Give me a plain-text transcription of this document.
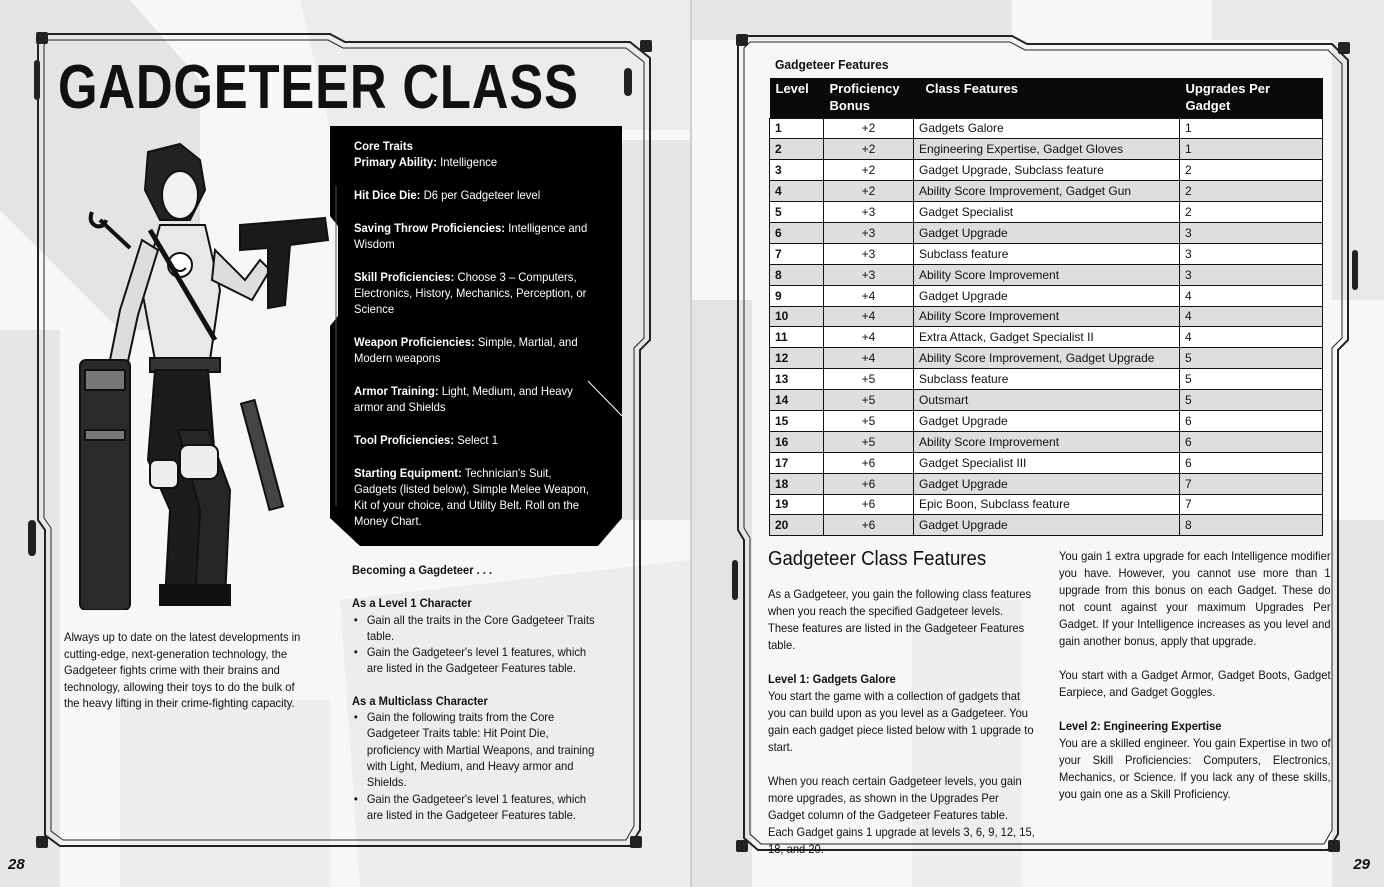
GADGETEER CLASS
Core Traits
Primary Ability: Intelligence
Hit Dice Die: D6 per Gadgeteer level
Saving Throw Proficiencies: Intelligence and Wisdom
Skill Proficiencies: Choose 3 – Computers, Electronics, History, Mechanics, Perception, or Science
Weapon Proficiencies: Simple, Martial, and Modern weapons
Armor Training: Light, Medium, and Heavy armor and Shields
Tool Proficiencies: Select 1
Starting Equipment: Technician's Suit, Gadgets (listed below), Simple Melee Weapon, Kit of your choice, and Utility Belt. Roll on the Money Chart.
Always up to date on the latest developments in cutting-edge, next-generation technology, the Gadgeteer fights crime with their brains and technology, allowing their toys to do the bulk of the heavy lifting in their crime-fighting capacity.
Becoming a Gagdeteer . . .
As a Level 1 Character
• Gain all the traits in the Core Gadgeteer Traits table.
• Gain the Gadgeteer's level 1 features, which are listed in the Gadgeteer Features table.
As a Multiclass Character
• Gain the following traits from the Core Gadgeteer Traits table: Hit Point Die, proficiency with Martial Weapons, and training with Light, Medium, and Heavy armor and Shields.
• Gain the Gadgeteer's level 1 features, which are listed in the Gadgeteer Features table.
28
Gadgeteer Features
Level	Proficiency Bonus	Class Features	Upgrades Per Gadget
1	+2	Gadgets Galore	1
2	+2	Engineering Expertise, Gadget Gloves	1
3	+2	Gadget Upgrade, Subclass feature	2
4	+2	Ability Score Improvement, Gadget Gun	2
5	+3	Gadget Specialist	2
6	+3	Gadget Upgrade	3
7	+3	Subclass feature	3
8	+3	Ability Score Improvement	3
9	+4	Gadget Upgrade	4
10	+4	Ability Score Improvement	4
11	+4	Extra Attack, Gadget Specialist II	4
12	+4	Ability Score Improvement, Gadget Upgrade	5
13	+5	Subclass feature	5
14	+5	Outsmart	5
15	+5	Gadget Upgrade	6
16	+5	Ability Score Improvement	6
17	+6	Gadget Specialist III	6
18	+6	Gadget Upgrade	7
19	+6	Epic Boon, Subclass feature	7
20	+6	Gadget Upgrade	8
Gadgeteer Class Features

As a Gadgeteer, you gain the following class features when you reach the specified Gadgeteer levels. These features are listed in the Gadgeteer Features table.

Level 1: Gadgets Galore

You start the game with a collection of gadgets that you can build upon as you level as a Gadgeteer. You gain each gadget piece listed below with 1 upgrade to start.

When you reach certain Gadgeteer levels, you gain more upgrades, as shown in the Upgrades Per Gadget column of the Gadgeteer Features table. Each Gadget gains 1 upgrade at levels 3, 6, 9, 12, 15, 18, and 20.

You gain 1 extra upgrade for each Intelligence modifier you have. However, you cannot use more than 1 upgrade from this bonus on each Gadget. These do not count against your maximum Upgrades Per Gadget. If your Intelligence increases as you level and gain another bonus, apply that upgrade.

You start with a Gadget Armor, Gadget Boots, Gadget Earpiece, and Gadget Goggles.

Level 2: Engineering Expertise

You are a skilled engineer. You gain Expertise in two of your Skill Proficiencies: Computers, Electronics, Mechanics, or Science. If you lack any of these skills, you gain one as a Skill Proficiency.

29
